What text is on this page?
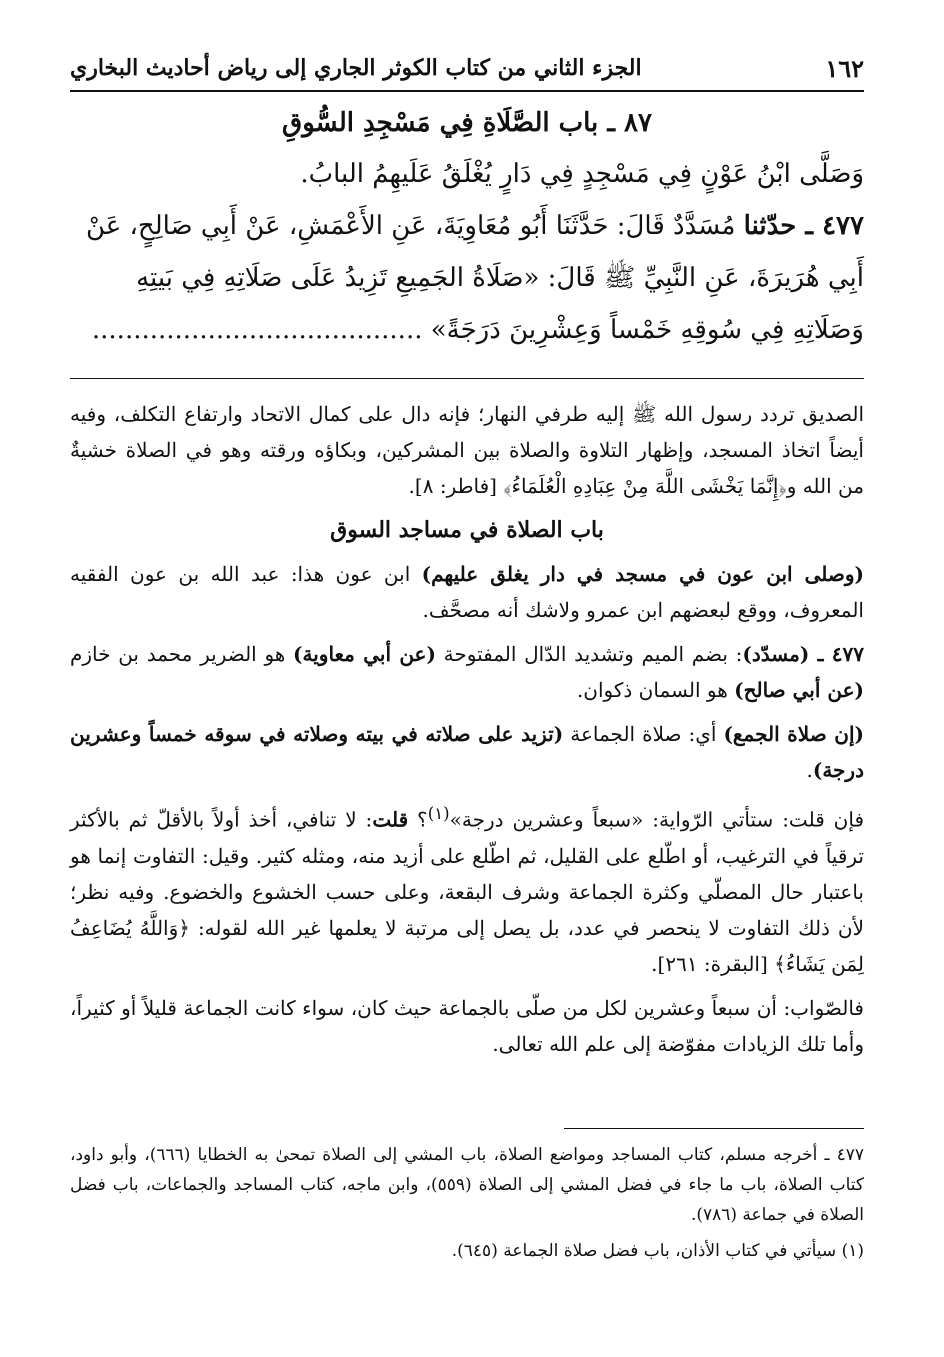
١٦٢
الجزء الثاني من كتاب الكوثر الجاري إلى رياض أحاديث البخاري
٨٧ ـ باب الصَّلَاةِ فِي مَسْجِدِ السُّوقِ

وَصَلَّى ابْنُ عَوْنٍ فِي مَسْجِدٍ فِي دَارٍ يُغْلَقُ عَلَيهِمُ البابُ.

٤٧٧ ـ حدّثنا مُسَدَّدٌ قَالَ: حَدَّثَنَا أَبُو مُعَاوِيَةَ، عَنِ الأَعْمَشِ، عَنْ أَبِي صَالِحٍ، عَنْ أَبِي هُرَيرَةَ، عَنِ النَّبِيِّ ﷺ قَالَ: «صَلَاةُ الجَمِيعِ تَزِيدُ عَلَى صَلَاتِهِ فِي بَيتِهِ وَصَلَاتِهِ فِي سُوقِهِ خَمْساً وَعِشْرِينَ دَرَجَةً» ........................................

الصديق تردد رسول الله ﷺ إليه طرفي النهار؛ فإنه دال على كمال الاتحاد وارتفاع التكلف، وفيه أيضاً اتخاذ المسجد، وإظهار التلاوة والصلاة بين المشركين، وبكاؤه ورقته وهو في الصلاة خشيةٌ من الله و﴿إِنَّمَا يَخْشَى اللَّهَ مِنْ عِبَادِهِ الْعُلَمَاءُ﴾ [فاطر: ٨].

باب الصلاة في مساجد السوق

(وصلى ابن عون في مسجد في دار يغلق عليهم) ابن عون هذا: عبد الله بن عون الفقيه المعروف، ووقع لبعضهم ابن عمرو ولاشك أنه مصحَّف.

٤٧٧ ـ (مسدّد): بضم الميم وتشديد الدّال المفتوحة (عن أبي معاوية) هو الضرير محمد بن خازم (عن أبي صالح) هو السمان ذكوان.

(إن صلاة الجمع) أي: صلاة الجماعة (تزيد على صلاته في بيته وصلاته في سوقه خمساً وعشرين درجة).

فإن قلت: ستأتي الرّواية: «سبعاً وعشرين درجة»$^{(١)}$؟ قلت: لا تنافي، أخذ أولاً بالأقلّ ثم بالأكثر ترقياً في الترغيب، أو اطّلع على القليل، ثم اطّلع على أزيد منه، ومثله كثير. وقيل: التفاوت إنما هو باعتبار حال المصلّي وكثرة الجماعة وشرف البقعة، وعلى حسب الخشوع والخضوع. وفيه نظر؛ لأن ذلك التفاوت لا ينحصر في عدد، بل يصل إلى مرتبة لا يعلمها غير الله لقوله: ﴿وَاللَّهُ يُضَاعِفُ لِمَن يَشَاءُ﴾ [البقرة: ٢٦١].

فالصّواب: أن سبعاً وعشرين لكل من صلّى بالجماعة حيث كان، سواء كانت الجماعة قليلاً أو كثيراً، وأما تلك الزيادات مفوّضة إلى علم الله تعالى.

٤٧٧ ـ أخرجه مسلم، كتاب المساجد ومواضع الصلاة، باب المشي إلى الصلاة تمحىٰ به الخطايا (٦٦٦)، وأبو داود، كتاب الصلاة، باب ما جاء في فضل المشي إلى الصلاة (٥٥٩)، وابن ماجه، كتاب المساجد والجماعات، باب فضل الصلاة في جماعة (٧٨٦).

(١) سيأتي في كتاب الأذان، باب فضل صلاة الجماعة (٦٤٥).
